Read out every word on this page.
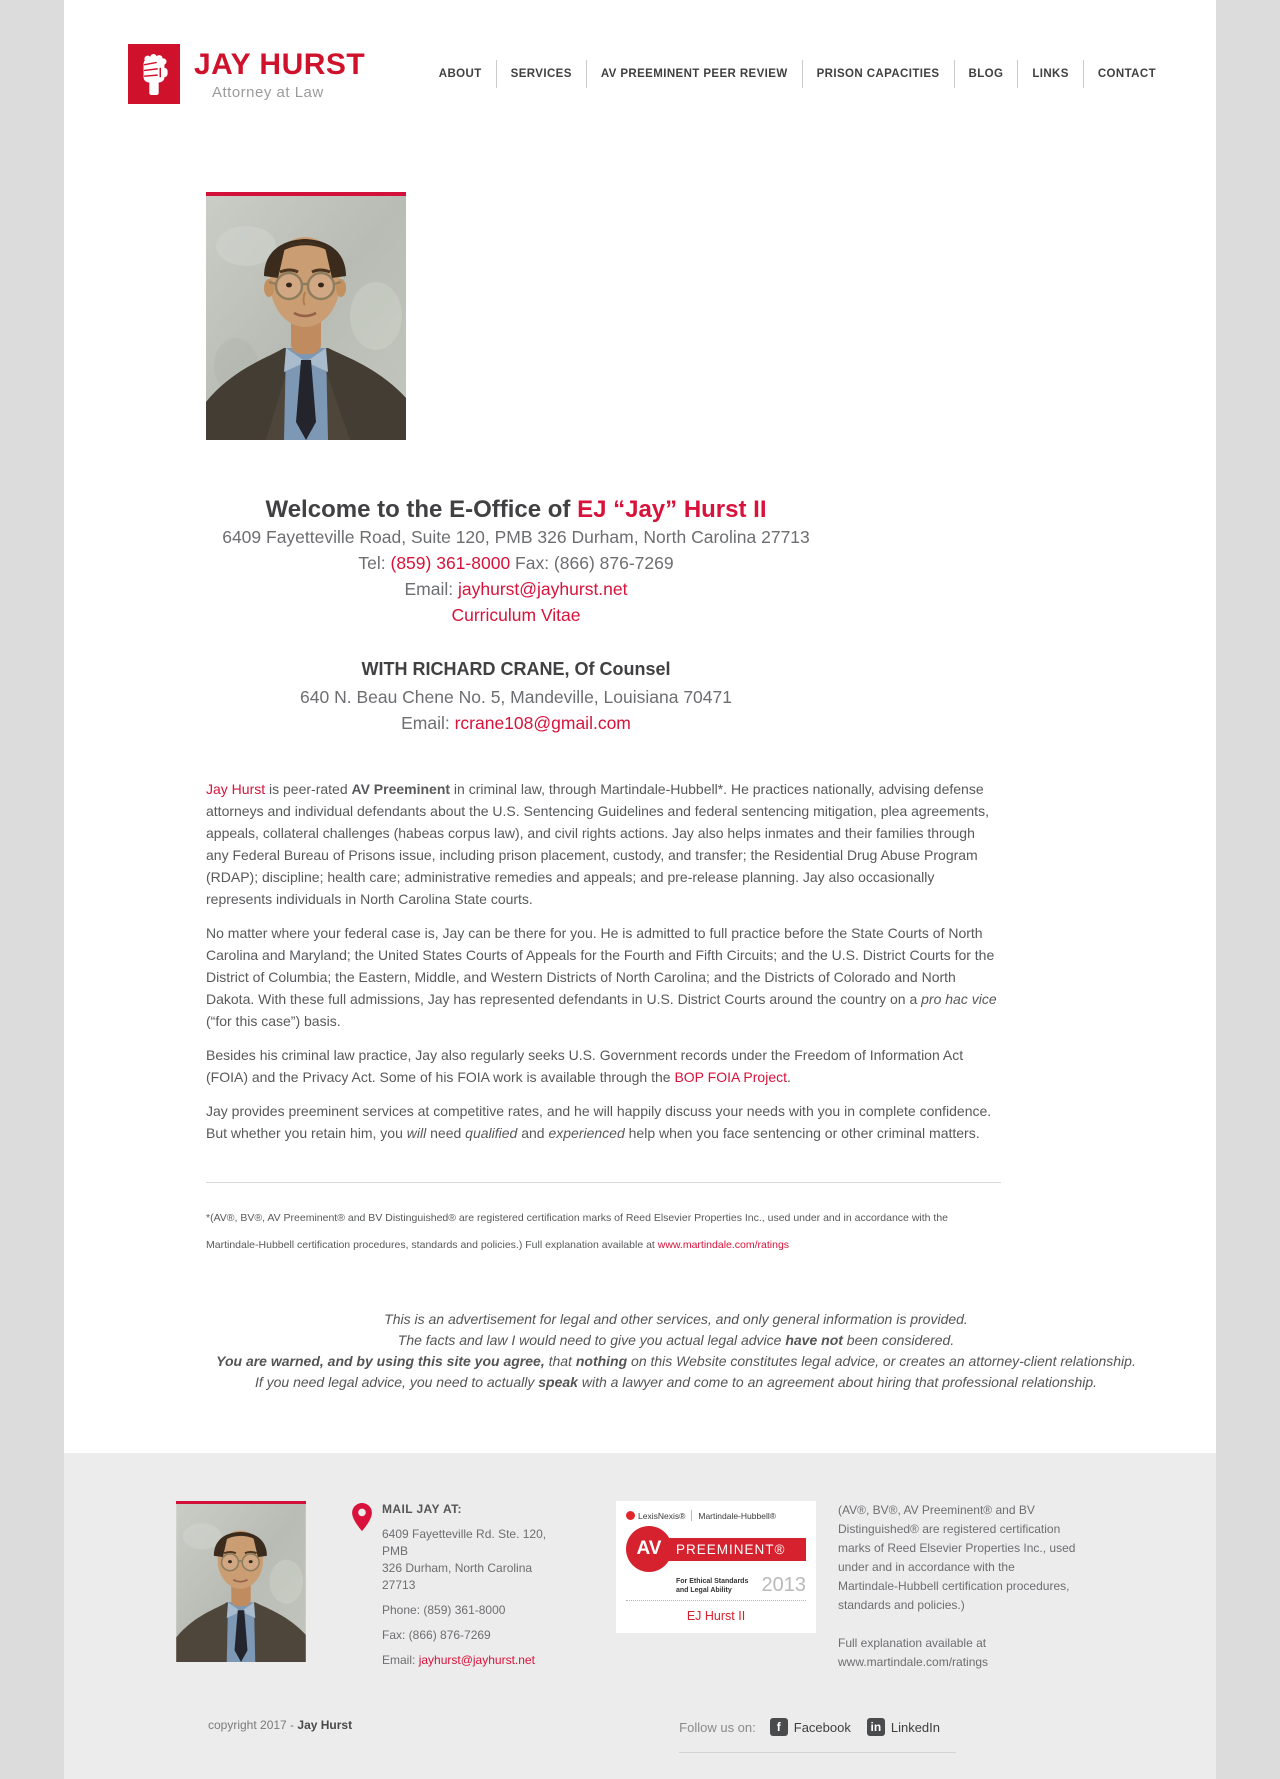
JAY HURST
Attorney at Law
ABOUT	SERVICES	AV PREEMINENT PEER REVIEW	PRISON CAPACITIES	BLOG	LINKS	CONTACT
Welcome to the E-Office of EJ “Jay” Hurst II
6409 Fayetteville Road, Suite 120, PMB 326 Durham, North Carolina 27713
Tel: (859) 361-8000 Fax: (866) 876-7269
Email: jayhurst@jayhurst.net
Curriculum Vitae
WITH RICHARD CRANE, Of Counsel
640 N. Beau Chene No. 5, Mandeville, Louisiana 70471
Email: rcrane108@gmail.com

Jay Hurst is peer-rated AV Preeminent in criminal law, through Martindale-Hubbell*. He practices nationally, advising defense attorneys and individual defendants about the U.S. Sentencing Guidelines and federal sentencing mitigation, plea agreements, appeals, collateral challenges (habeas corpus law), and civil rights actions. Jay also helps inmates and their families through any Federal Bureau of Prisons issue, including prison placement, custody, and transfer; the Residential Drug Abuse Program (RDAP); discipline; health care; administrative remedies and appeals; and pre-release planning. Jay also occasionally represents individuals in North Carolina State courts.

No matter where your federal case is, Jay can be there for you. He is admitted to full practice before the State Courts of North Carolina and Maryland; the United States Courts of Appeals for the Fourth and Fifth Circuits; and the U.S. District Courts for the District of Columbia; the Eastern, Middle, and Western Districts of North Carolina; and the Districts of Colorado and North Dakota. With these full admissions, Jay has represented defendants in U.S. District Courts around the country on a pro hac vice (“for this case”) basis.

Besides his criminal law practice, Jay also regularly seeks U.S. Government records under the Freedom of Information Act (FOIA) and the Privacy Act. Some of his FOIA work is available through the BOP FOIA Project.

Jay provides preeminent services at competitive rates, and he will happily discuss your needs with you in complete confidence. But whether you retain him, you will need qualified and experienced help when you face sentencing or other criminal matters.

*(AV®, BV®, AV Preeminent® and BV Distinguished® are registered certification marks of Reed Elsevier Properties Inc., used under and in accordance with the Martindale-Hubbell certification procedures, standards and policies.) Full explanation available at www.martindale.com/ratings
This is an advertisement for legal and other services, and only general information is provided.
The facts and law I would need to give you actual legal advice have not been considered.
You are warned, and by using this site you agree, that nothing on this Website constitutes legal advice, or creates an attorney-client relationship.
If you need legal advice, you need to actually speak with a lawyer and come to an agreement about hiring that professional relationship.
MAIL JAY AT:
6409 Fayetteville Rd. Ste. 120, PMB
326 Durham, North Carolina 27713
Phone: (859) 361-8000
Fax: (866) 876-7269
Email: jayhurst@jayhurst.net
LexisNexis® Martindale-Hubbell®
AV	PREEMINENT®
For Ethical Standards
and Legal Ability	2013
EJ Hurst II
(AV®, BV®, AV Preeminent® and BV Distinguished® are registered certification marks of Reed Elsevier Properties Inc., used under and in accordance with the Martindale-Hubbell certification procedures, standards and policies.)
Full explanation available at
www.martindale.com/ratings
copyright 2017 - Jay Hurst	Follow us on:	f	Facebook	in LinkedIn
